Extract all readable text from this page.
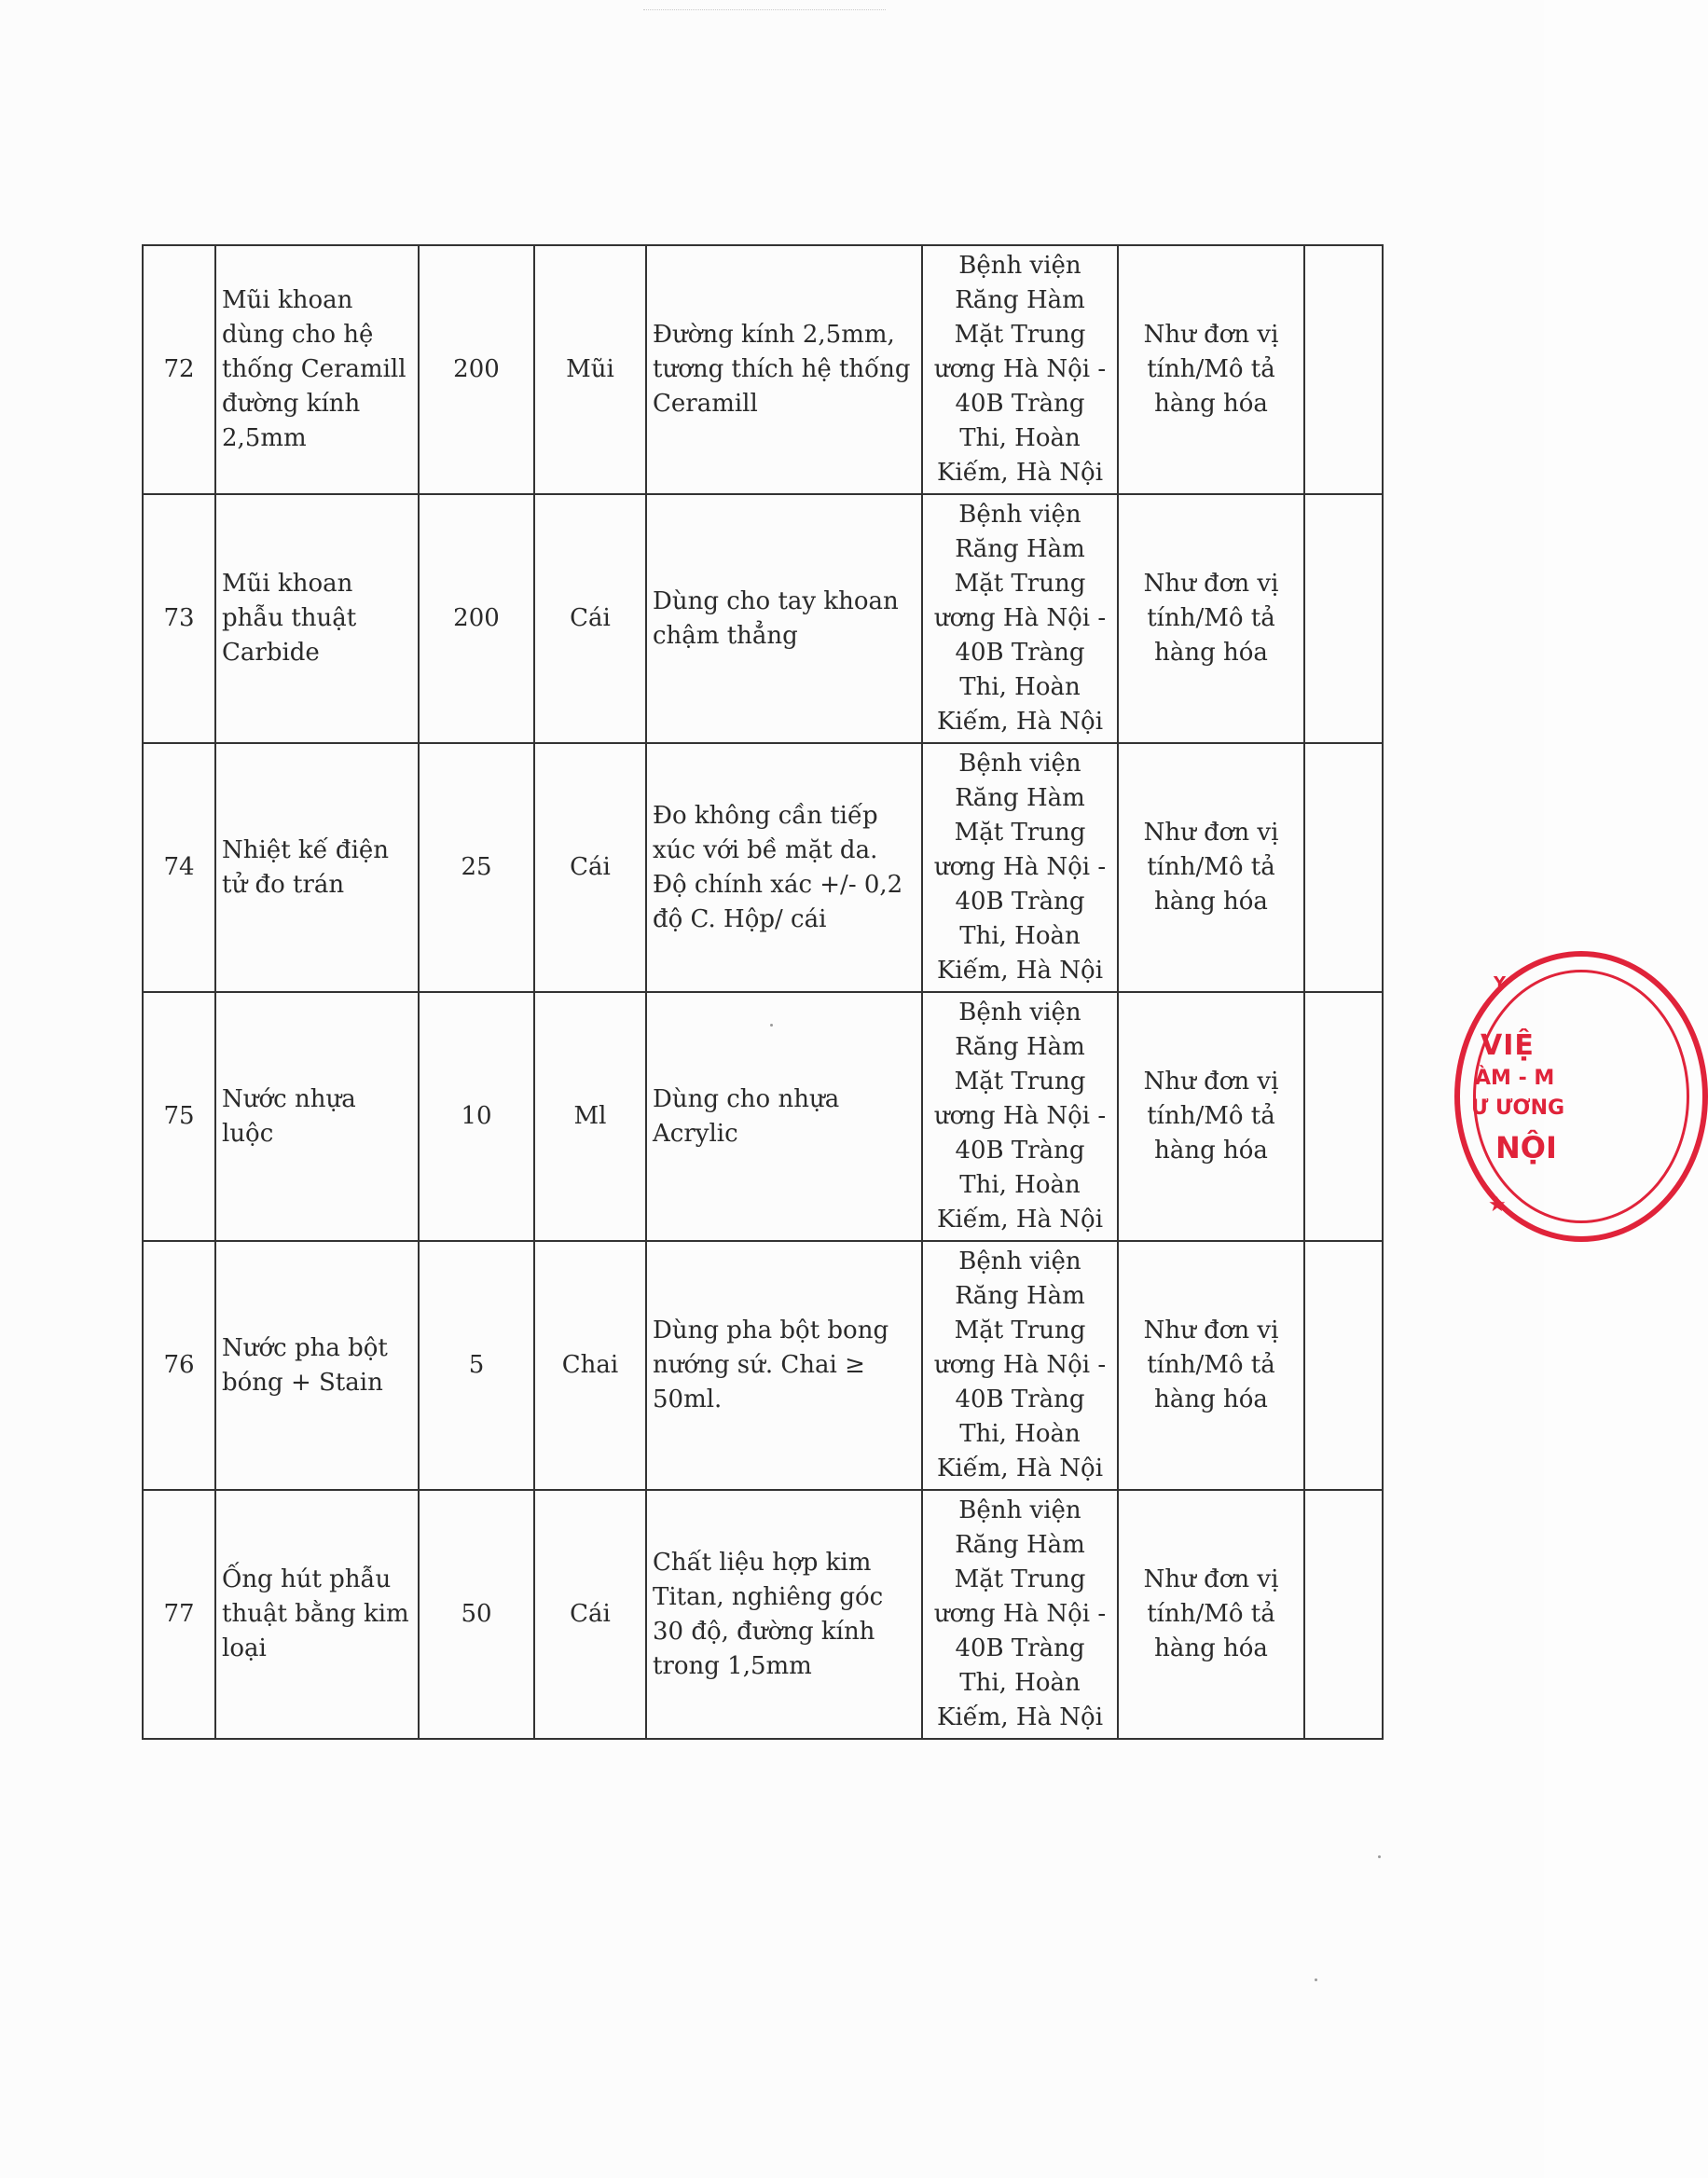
72	Mũi khoan dùng cho hệ thống Ceramill đường kính 2,5mm	200	Mũi	Đường kính 2,5mm, tương thích hệ thống Ceramill	Bệnh viện Răng Hàm Mặt Trung ương Hà Nội - 40B Tràng Thi, Hoàn Kiếm, Hà Nội	Như đơn vị tính/Mô tả hàng hóa	
73	Mũi khoan phẫu thuật Carbide	200	Cái	Dùng cho tay khoan chậm thẳng	Bệnh viện Răng Hàm Mặt Trung ương Hà Nội - 40B Tràng Thi, Hoàn Kiếm, Hà Nội	Như đơn vị tính/Mô tả hàng hóa	
74	Nhiệt kế điện tử đo trán	25	Cái	Đo không cần tiếp xúc với bề mặt da. Độ chính xác +/- 0,2 độ C. Hộp/ cái	Bệnh viện Răng Hàm Mặt Trung ương Hà Nội - 40B Tràng Thi, Hoàn Kiếm, Hà Nội	Như đơn vị tính/Mô tả hàng hóa	
75	Nước nhựa luộc	10	Ml	Dùng cho nhựa Acrylic	Bệnh viện Răng Hàm Mặt Trung ương Hà Nội - 40B Tràng Thi, Hoàn Kiếm, Hà Nội	Như đơn vị tính/Mô tả hàng hóa	
76	Nước pha bột bóng + Stain	5	Chai	Dùng pha bột bong nướng sứ. Chai ≥ 50ml.	Bệnh viện Răng Hàm Mặt Trung ương Hà Nội - 40B Tràng Thi, Hoàn Kiếm, Hà Nội	Như đơn vị tính/Mô tả hàng hóa	
77	Ống hút phẫu thuật bằng kim loại	50	Cái	Chất liệu hợp kim Titan, nghiêng góc 30 độ, đường kính trong 1,5mm	Bệnh viện Răng Hàm Mặt Trung ương Hà Nội - 40B Tràng Thi, Hoàn Kiếm, Hà Nội	Như đơn vị tính/Mô tả hàng hóa	
Y
VIỆ
ÀM - M
Ư ƯƠNG
NỘI
★
